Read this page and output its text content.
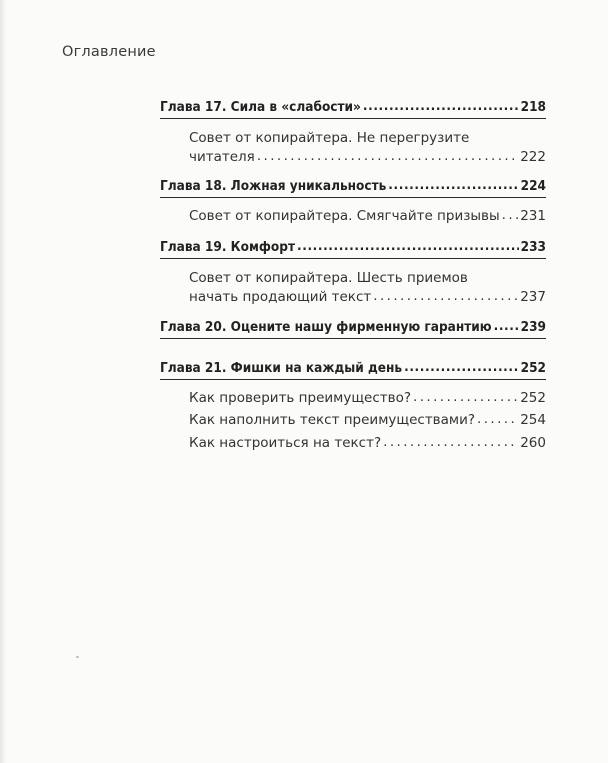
Оглавление
Глава 17. Сила в «слабости» .....	218
Совет от копирайтера. Не перегрузите
читателя .....	222
Глава 18. Ложная уникальность .....	224
Совет от копирайтера. Смягчайте призывы ..... 231
Глава 19. Комфорт .....	233
Совет от копирайтера. Шесть приемов
начать продающий текст .....	237
Глава 20. Оцените нашу фирменную гарантию ..... 239
Глава 21. Фишки на каждый день .....	252
Как проверить преимущество? .....	252
Как наполнить текст преимуществами? .....	254
Как настроиться на текст? .....	260
